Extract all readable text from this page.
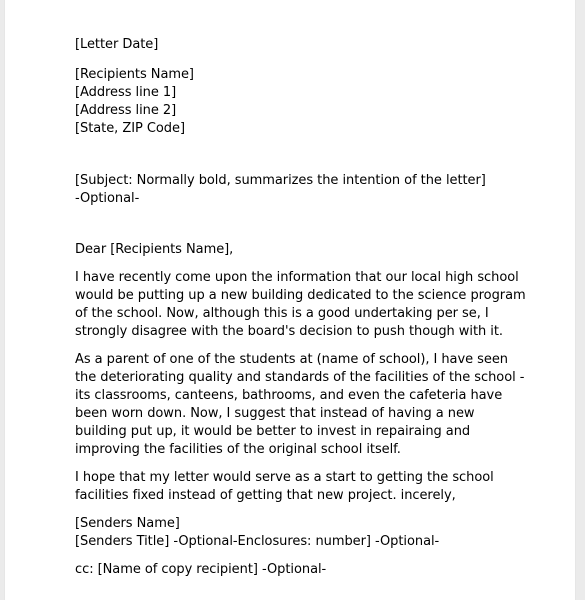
[Letter Date]

[Recipients Name]
[Address line 1]
[Address line 2]
[State, ZIP Code]

[Subject: Normally bold, summarizes the intention of the letter]
-Optional-

Dear [Recipients Name],

I have recently come upon the information that our local high school
would be putting up a new building dedicated to the science program
of the school. Now, although this is a good undertaking per se, I
strongly disagree with the board's decision to push though with it.

As a parent of one of the students at (name of school), I have seen
the deteriorating quality and standards of the facilities of the school -
its classrooms, canteens, bathrooms, and even the cafeteria have
been worn down. Now, I suggest that instead of having a new
building put up, it would be better to invest in repairaing and
improving the facilities of the original school itself.

I hope that my letter would serve as a start to getting the school
facilities fixed instead of getting that new project. incerely,

[Senders Name]
[Senders Title] -Optional-Enclosures: number] -Optional-

cc: [Name of copy recipient] -Optional-
